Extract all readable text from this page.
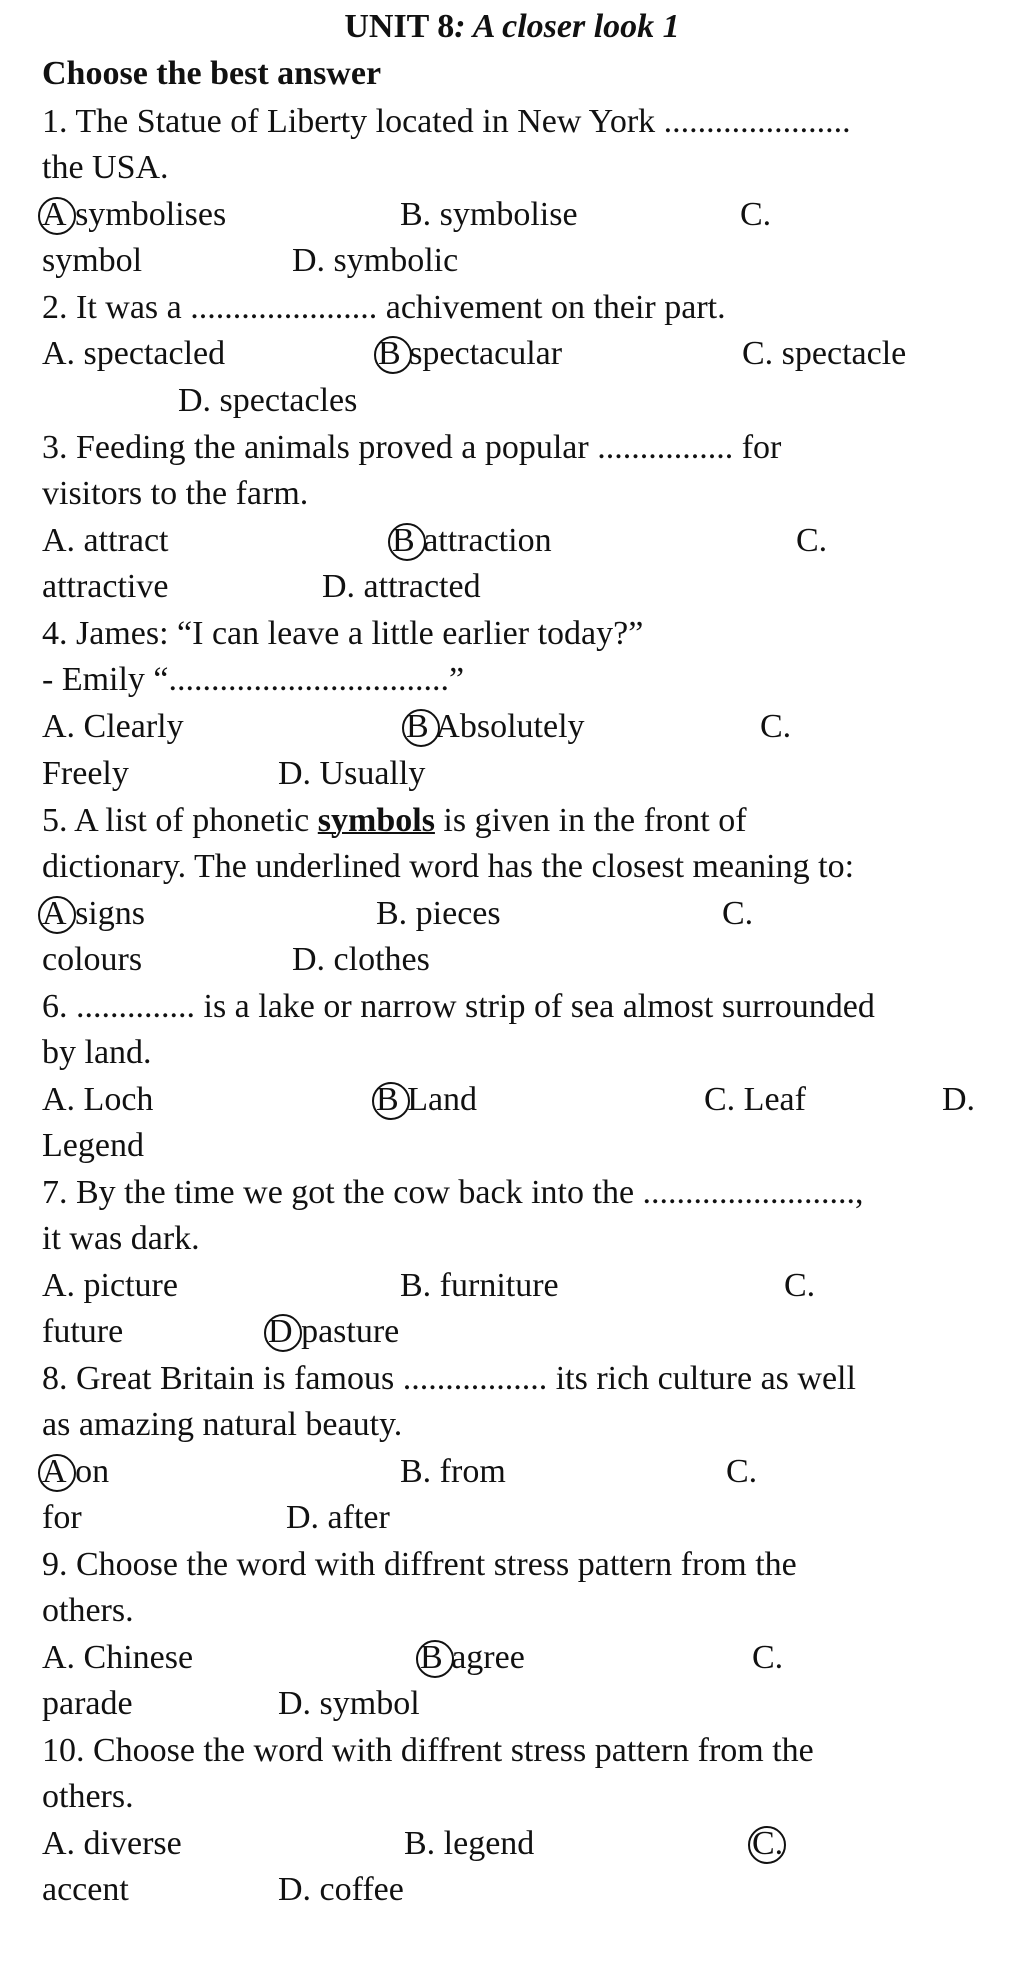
UNIT 8: A closer look 1
Choose the best answer
1. The Statue of Liberty located in New York ......................
the USA.
A symbolises	B. symbolise	C.
symbol	D. symbolic
2. It was a ...................... achivement on their part.
A. spectacled	B spectacular	C. spectacle
D. spectacles
3. Feeding the animals proved a popular ................ for
visitors to the farm.
A. attract	B attraction	C.
attractive	D. attracted
4. James: “I can leave a little earlier today?”
- Emily “.................................”
A. Clearly	B Absolutely	C.
Freely	D. Usually
5. A list of phonetic symbols is given in the front of
dictionary. The underlined word has the closest meaning to:
A signs	B. pieces	C.
colours	D. clothes
6. .............. is a lake or narrow strip of sea almost surrounded
by land.
A. Loch	B Land	C. Leaf	D.
Legend
7. By the time we got the cow back into the .........................,
it was dark.
A. picture	B. furniture	C.
future	D pasture
8. Great Britain is famous ................. its rich culture as well
as amazing natural beauty.
A on	B. from	C.
for	D. after
9. Choose the word with diffrent stress pattern from the
others.
A. Chinese	B agree	C.
parade	D. symbol
10. Choose the word with diffrent stress pattern from the
others.
A. diverse	B. legend	C.
accent	D. coffee
